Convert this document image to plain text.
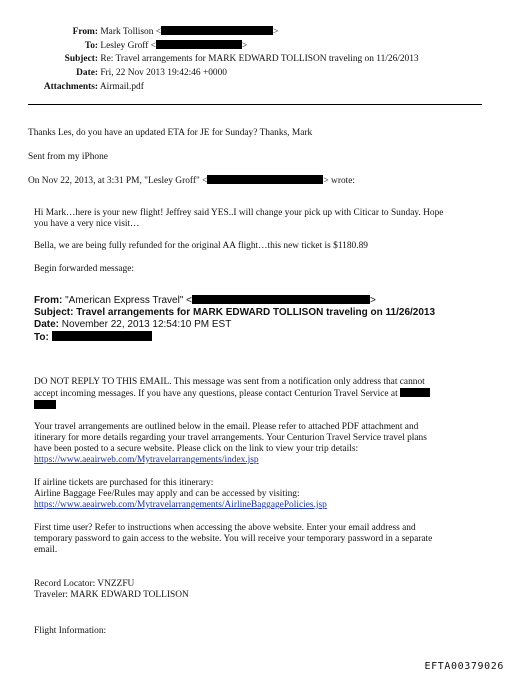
From: Mark Tollison <	>
To: Lesley Groff <	>
Subject: Re: Travel arrangements for MARK EDWARD TOLLISON traveling on 11/26/2013
Date: Fri, 22 Nov 2013 19:42:46 +0000
Attachments: Airmail.pdf
Thanks Les, do you have an updated ETA for JE for Sunday? Thanks, Mark
Sent from my iPhone
On Nov 22, 2013, at 3:31 PM, "Lesley Groff" <	> wrote:
Hi Mark…here is your new flight! Jeffrey said YES..I will change your pick up with Citicar to Sunday. Hope
you have a very nice visit…
Bella, we are being fully refunded for the original AA flight…this new ticket is $1180.89
Begin forwarded message:
From: "American Express Travel" <	>
Subject: Travel arrangements for MARK EDWARD TOLLISON traveling on 11/26/2013
Date: November 22, 2013 12:54:10 PM EST
To:
DO NOT REPLY TO THIS EMAIL. This message was sent from a notification only address that cannot
accept incoming messages. If you have any questions, please contact Centurion Travel Service at
Your travel arrangements are outlined below in the email. Please refer to attached PDF attachment and
itinerary for more details regarding your travel arrangements. Your Centurion Travel Service travel plans
have been posted to a secure website. Please click on the link to view your trip details:
https://www.aeairweb.com/Mytravelarrangements/index.jsp
If airline tickets are purchased for this itinerary:
Airline Baggage Fee/Rules may apply and can be accessed by visiting:
https://www.aeairweb.com/Mytravelarrangements/AirlineBaggagePolicies.jsp
First time user? Refer to instructions when accessing the above website. Enter your email address and
temporary password to gain access to the website. You will receive your temporary password in a separate
email.
Record Locator: VNZZFU
Traveler: MARK EDWARD TOLLISON
Flight Information:
EFTA00379026
